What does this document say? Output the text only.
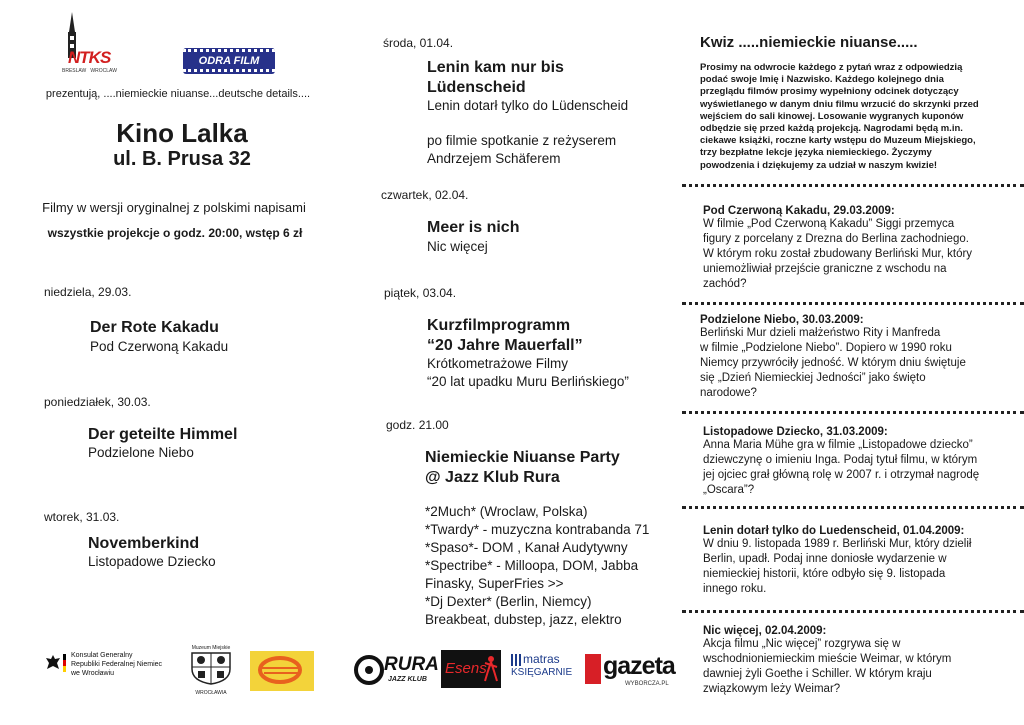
NTKS
BRESLAW   WROCLAW
ODRA FILM
prezentują, ....niemieckie niuanse...deutsche details....
Kino Lalka
ul. B. Prusa 32
Filmy w wersji oryginalnej z polskimi napisami
wszystkie projekcje o godz. 20:00, wstęp 6 zł
niedziela, 29.03.
Der Rote Kakadu
Pod Czerwoną Kakadu
poniedziałek, 30.03.
Der geteilte Himmel
Podzielone Niebo
wtorek, 31.03.
Novemberkind
Listopadowe Dziecko
środa, 01.04.
Lenin kam nur bis
Lüdenscheid
Lenin dotarł tylko do Lüdenscheid
po filmie spotkanie z reżyserem
Andrzejem Schäferem
czwartek, 02.04.
Meer is nich
Nic więcej
piątek, 03.04.
Kurzfilmprogramm
“20 Jahre Mauerfall”
Krótkometrażowe Filmy
“20 lat upadku Muru Berlińskiego”
godz. 21.00
Niemieckie Niuanse Party
@ Jazz Klub Rura
*2Much* (Wroclaw, Polska)
*Twardy* - muzyczna kontrabanda 71
*Spaso*- DOM , Kanał Audytywny
*Spectribe* - Milloopa, DOM, Jabba
Finasky, SuperFries >>
*Dj Dexter* (Berlin, Niemcy)
Breakbeat, dubstep, jazz, elektro
Kwiz .....niemieckie niuanse.....
Prosimy na odwrocie każdego z pytań wraz z odpowiedzią
podać swoje Imię i Nazwisko. Każdego kolejnego dnia
przeglądu filmów prosimy wypełniony odcinek dotyczący
wyświetlanego w danym dniu filmu wrzucić do skrzynki przed
wejściem do sali kinowej. Losowanie wygranych kuponów
odbędzie się przed każdą projekcją. Nagrodami będą m.in.
ciekawe książki, roczne karty wstępu do Muzeum Miejskiego,
trzy bezpłatne lekcje języka niemieckiego. Życzymy
powodzenia i dziękujemy za udział w naszym kwizie!
Pod Czerwoną Kakadu, 29.03.2009:
W filmie „Pod Czerwoną Kakadu” Siggi przemyca
figury z porcelany z Drezna do Berlina zachodniego.
W którym roku został zbudowany Berliński Mur, który
uniemożliwiał przejście graniczne z wschodu na
zachód?
Podzielone Niebo, 30.03.2009:
Berliński Mur dzieli małżeństwo Rity i Manfreda
w filmie „Podzielone Niebo”. Dopiero w 1990 roku
Niemcy przywróciły jedność. W którym dniu świętuje
się „Dzień Niemieckiej Jedności” jako święto
narodowe?
Listopadowe Dziecko, 31.03.2009:
Anna Maria Mühe gra w filmie „Listopadowe dziecko”
dziewczynę o imieniu Inga. Podaj tytuł filmu, w którym
jej ojciec grał główną rolę w 2007 r. i otrzymał nagrodę
„Oscara”?
Lenin dotarł tylko do Luedenscheid, 01.04.2009:
W dniu 9. listopada 1989 r. Berliński Mur, który dzielił
Berlin, upadł. Podaj inne doniosłe wydarzenie w
niemieckiej historii, które odbyło się 9. listopada
innego roku.
Nic więcej, 02.04.2009:
Akcja filmu „Nic więcej” rozgrywa się w
wschodnioniemieckim mieście Weimar, w którym
dawniej żyli Goethe i Schiller. W którym kraju
związkowym leży Weimar?
Konsulat Generalny
Republiki Federalnej Niemiec
we Wrocławiu
Muzeum Miejskie
WROCŁAWIA
RURA
JAZZ KLUB
Esens
matras
KSIĘGARNIE gazeta
WYBORCZA.PL
